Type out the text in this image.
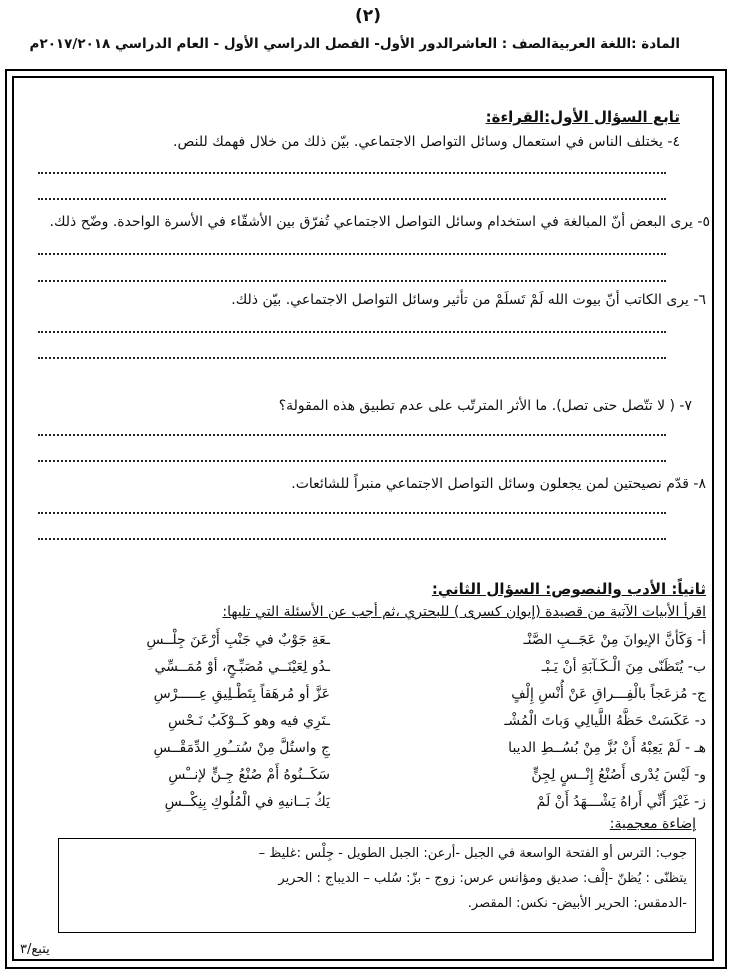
(٢)
المادة :اللغة العربية
الصف : العاشر
الدور الأول- الفصل الدراسي الأول - العام الدراسي ٢٠١٧/٢٠١٨م
تابع السؤال الأول:القراءة:
٤- يختلف الناس في استعمال وسائل التواصل الاجتماعي. بيّن ذلك من خلال فهمك للنص.
٥- يرى البعض أنّ المبالغة في استخدام وسائل التواصل الاجتماعي تُفرّق بين الأشقّاء في الأسرة الواحدة. وضّح ذلك.
٦- يرى الكاتب أنّ بيوت الله لَمْ تَسلَمْ من تأثير وسائل التواصل الاجتماعي. بيّن ذلك.
٧- ( لا تتّصل حتى تصل). ما الأثر المترتّب على عدم تطبيق هذه المقولة؟
٨- قدّم نصيحتين لمن يجعلون وسائل التواصل الاجتماعي منبراً للشائعات.
ثانياً: الأدب والنصوص: السؤال الثاني:
اقرأ الأبيات الآتية من قصيدة (إيوان كسرى ) للبحتري ،ثم أجب عن الأسئلة التي تليها:
أ- وَكَأنَّ الإيوانَ مِنْ عَجَــبِ الصَّنْـ
ـعَةِ جَوْبٌ في جَنْبِ أَرْعَنَ جِلْــسِ
ب- يُتَظَنّى مِنَ الْـكَـآبَةِ أنْ يَـبْـ
ـدُو لِعَيْنَــي مُصَبِّـحٍ، أوْ مُمَــسِّي
ج- مُزعَجاً بالْفِـــراقِ عَنْ أُنْسِ إِلْفٍ
عَزَّ أو مُرهَقاً بِتَطْـلِيقِ عِـــــرْسِ
د- عَكَسَتْ حَظَّهُ اللَّيالِي وَباتَ الْمُشْـ
ـتَرِي فيه وهو كَــوْكَبُ نَـحْسِ
هـ - لَمْ يَعِبْهُ أَنْ بُزَّ مِنْ بُسُــطِ الديبا
جِ واستُلَّ مِنْ سُتــُورِ الدِّمَقْــسِ
و- لَيْسَ يُدْرى أَصُنْعُ إِنْــسٍ لِجِنٍّ
سَكَــنُوهُ أَمْ صُنْعُ جِـنٍّ لإنــْسِ
ز- غَيْرَ أَنِّي أَراهُ يَشْـــهَدُ أَنْ لَمْ
يَكُ بَــانيهِ في الْمُلُوكِ بِنِكْــسِ
إضاءة معجمية:
جوب: الترس أو الفتحة الواسعة في الجبل -أرعن: الجبل الطويل - جِلْس :غليظ –
يتظنّى : يُظنّ -إلْف: صديق ومؤانس عرس: زوج - بزّ: سُلب – الديباج : الحرير
-الدمقس: الحرير الأبيض- نكس: المقصر.
يتبع/٣
